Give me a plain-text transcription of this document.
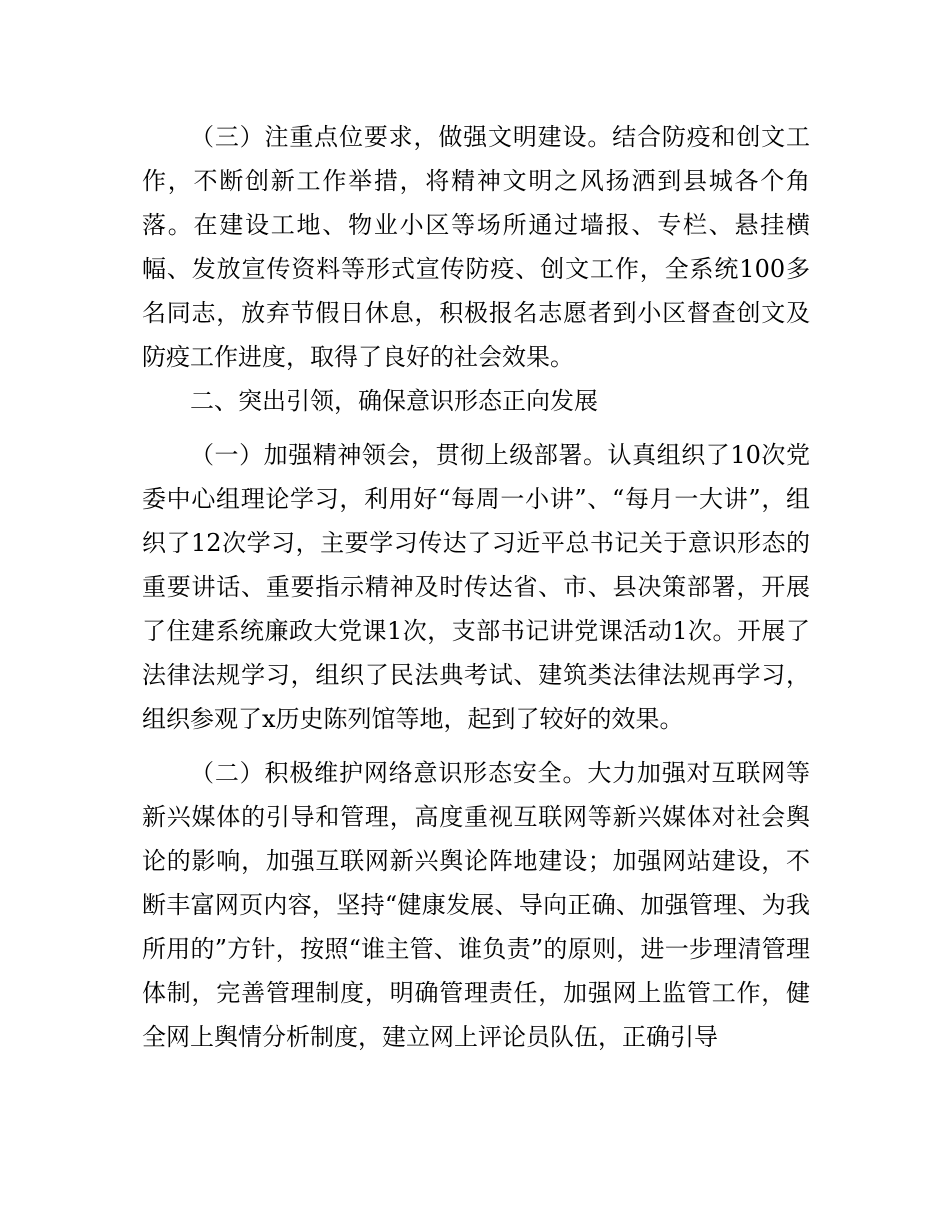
（三）注重点位要求，做强文明建设。结合防疫和创文工作，不断创新工作举措，将精神文明之风扬洒到县城各个角落。在建设工地、物业小区等场所通过墙报、专栏、悬挂横幅、发放宣传资料等形式宣传防疫、创文工作，全系统100多名同志，放弃节假日休息，积极报名志愿者到小区督查创文及防疫工作进度，取得了良好的社会效果。

二、突出引领，确保意识形态正向发展

（一）加强精神领会，贯彻上级部署。认真组织了10次党委中心组理论学习，利用好“每周一小讲”、“每月一大讲”，组织了12次学习，主要学习传达了习近平总书记关于意识形态的重要讲话、重要指示精神及时传达省、市、县决策部署，开展了住建系统廉政大党课1次，支部书记讲党课活动1次。开展了法律法规学习，组织了民法典考试、建筑类法律法规再学习，组织参观了x历史陈列馆等地，起到了较好的效果。

（二）积极维护网络意识形态安全。大力加强对互联网等新兴媒体的引导和管理，高度重视互联网等新兴媒体对社会舆论的影响，加强互联网新兴舆论阵地建设；加强网站建设，不断丰富网页内容，坚持“健康发展、导向正确、加强管理、为我所用的”方针，按照“谁主管、谁负责”的原则，进一步理清管理体制，完善管理制度，明确管理责任，加强网上监管工作，健全网上舆情分析制度，建立网上评论员队伍，正确引导
